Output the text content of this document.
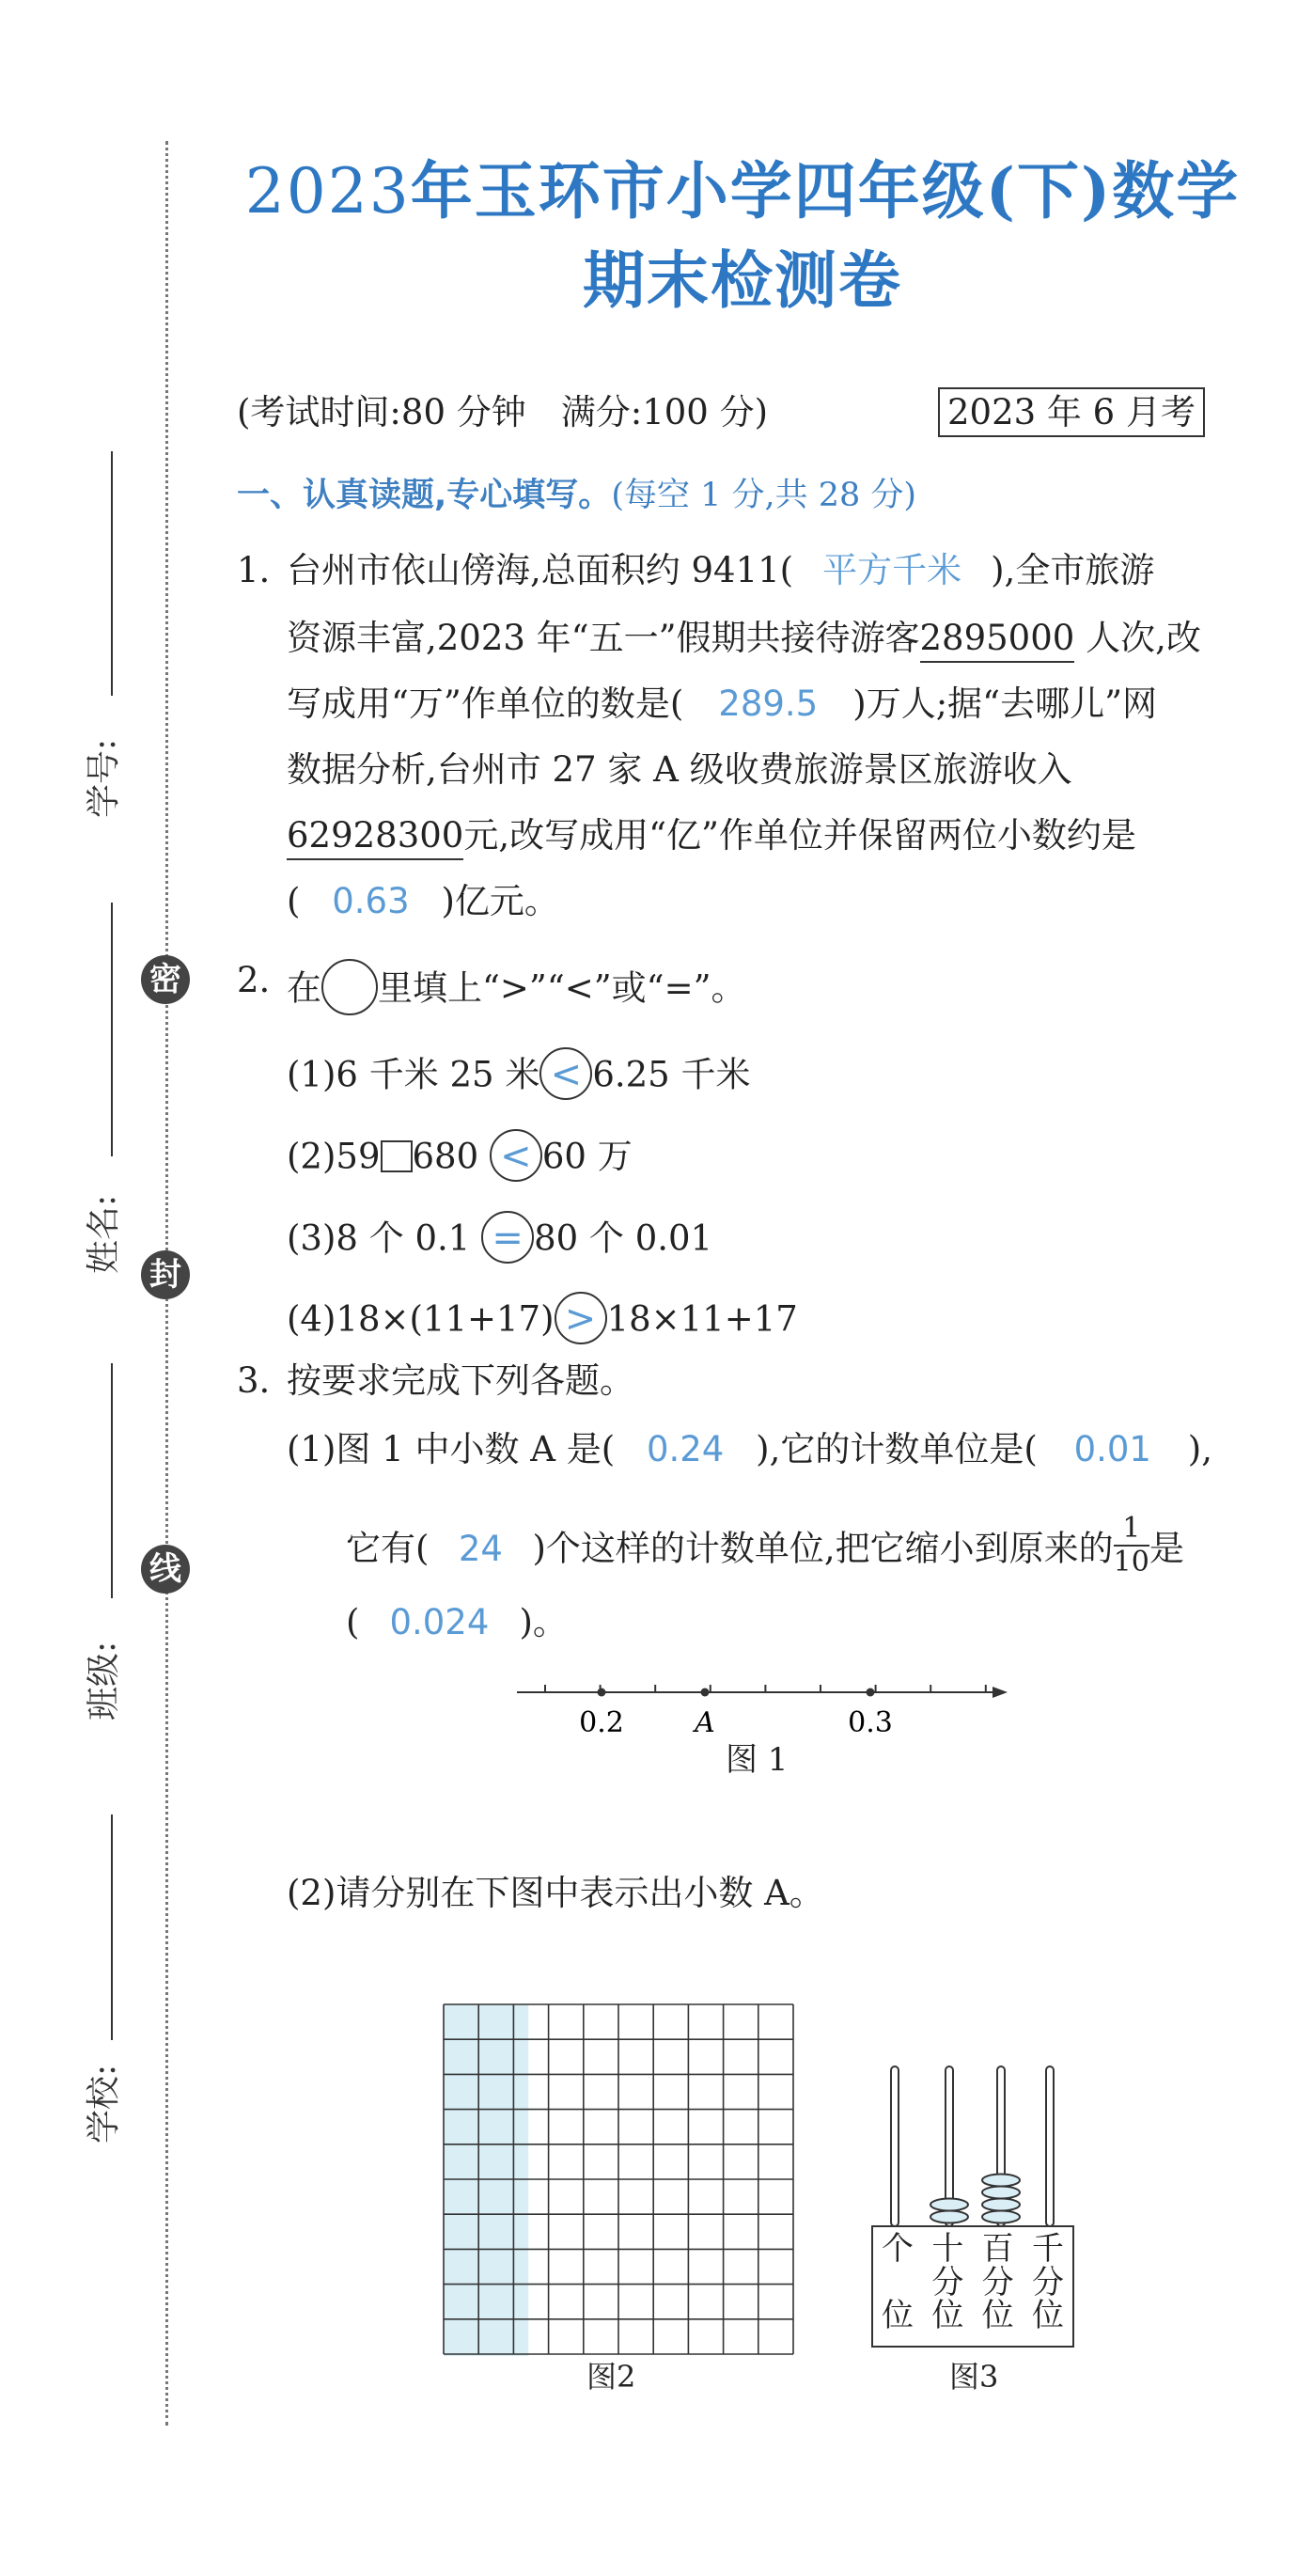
2023年玉环市小学四年级(下)数学
期末检测卷
学号:
姓名:
班级:
学校:
密
封
线
(考试时间:80 分钟　满分:100 分)	2023 年 6 月考
一、认真读题,专心填写。(每空 1 分,共 28 分)
1. 台州市依山傍海,总面积约 9411( 平方千米 ),全市旅游
资源丰富,2023 年“五一”假期共接待游客2895000 人次,改
写成用“万”作单位的数是( 289.5 )万人;据“去哪儿”网
数据分析,台州市 27 家 A 级收费旅游景区旅游收入
62928300元,改写成用“亿”作单位并保留两位小数约是
( 0.63 )亿元。
2. 在 里填上“>”“<”或“=”。
(1)6 千米 25 米 < 6.25 千米
(2)59 680 < 60 万
(3)8 个 0.1 = 80 个 0.01
(4)18×(11+17) > 18×11+17
3. 按要求完成下列各题。
(1)图 1 中小数 A 是( 0.24 ),它的计数单位是( 0.01 ),
它有( 24 )个这样的计数单位,把它缩小到原来的 $\frac{1}{10}$ 是
( 0.024 )。
0.2	A	0.3
图 1
(2)请分别在下图中表示出小数 A。
图2
个

位
十
分
位
百
分
位
千
分
位
图3
